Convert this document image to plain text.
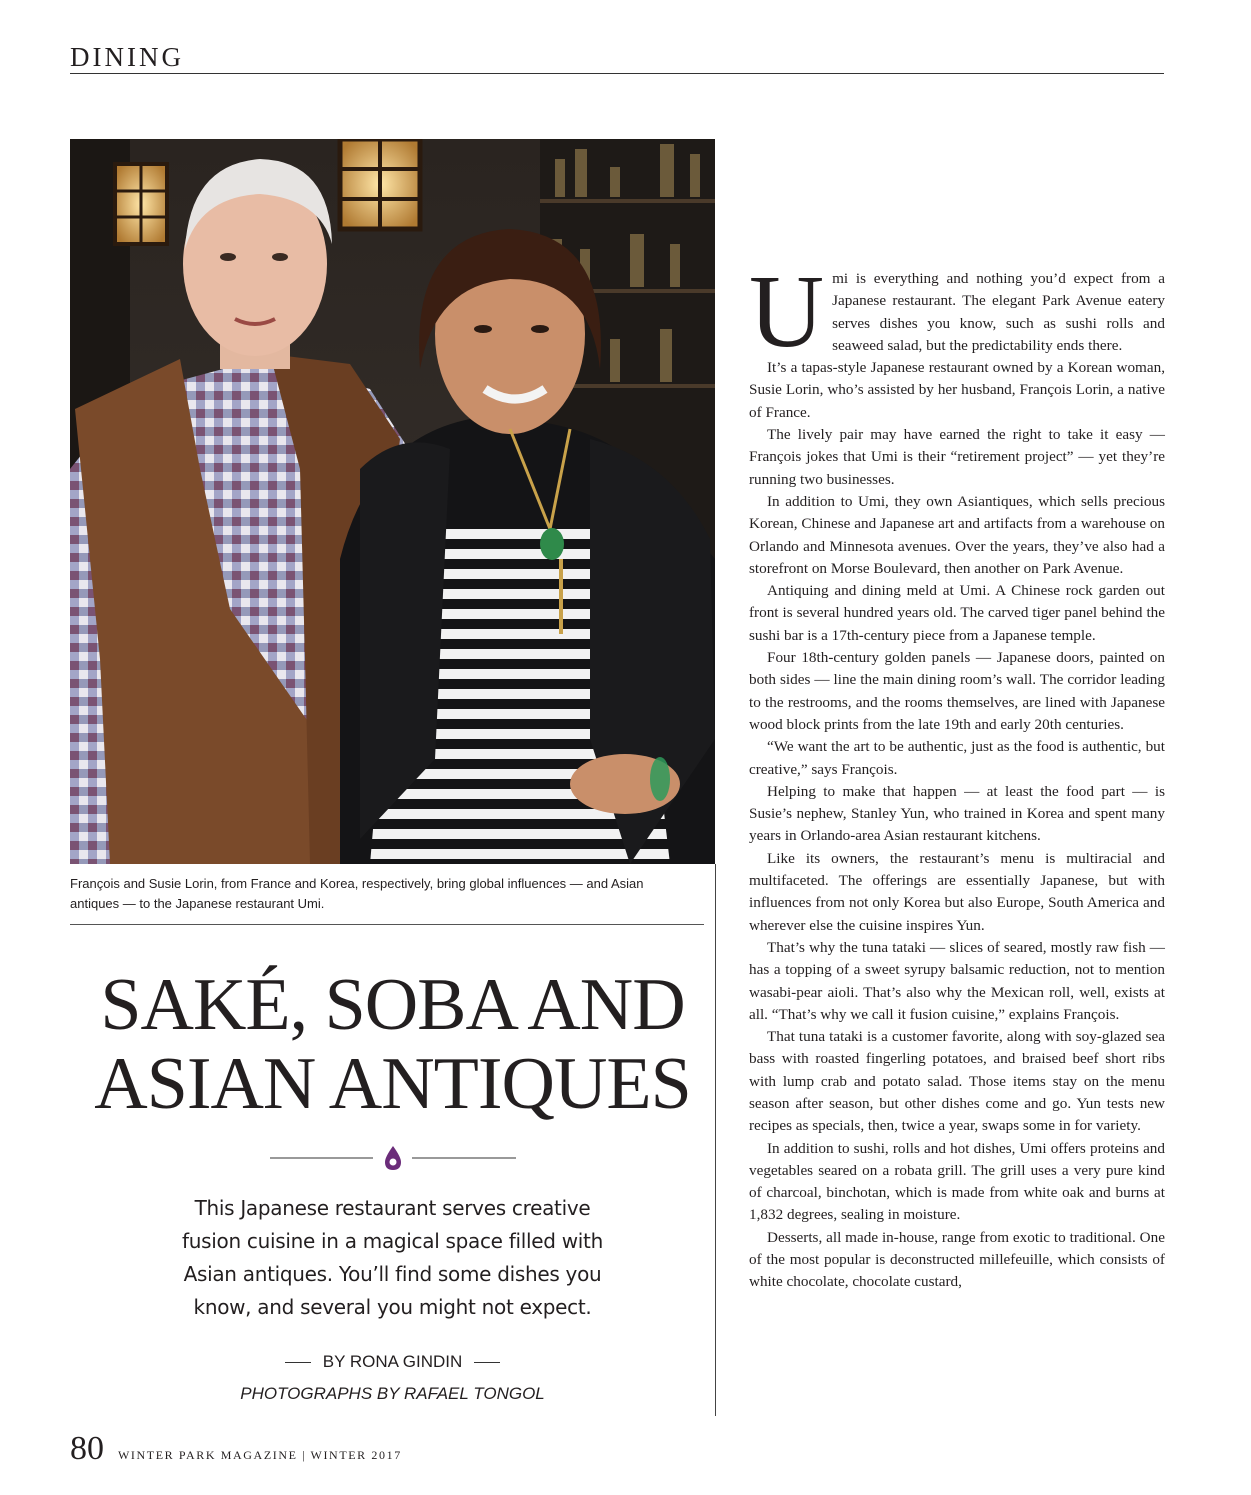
DINING
François and Susie Lorin, from France and Korea, respectively, bring global influences — and Asian antiques — to the Japanese restaurant Umi.
SAKÉ, SOBA AND
ASIAN ANTIQUES
This Japanese restaurant serves creative fusion cuisine in a magical space filled with Asian antiques. You’ll find some dishes you know, and several you might not expect.
BY RONA GINDIN
PHOTOGRAPHS BY RAFAEL TONGOL
80 WINTER PARK MAGAZINE | WINTER 2017

Umi is everything and nothing you’d expect from a Japanese restaurant. The elegant Park Avenue eatery serves dishes you know, such as sushi rolls and seaweed salad, but the predictability ends there.

It’s a tapas-style Japanese restaurant owned by a Korean woman, Susie Lorin, who’s assisted by her husband, François Lorin, a native of France.

The lively pair may have earned the right to take it easy — François jokes that Umi is their “retirement project” — yet they’re running two businesses.

In addition to Umi, they own Asiantiques, which sells precious Korean, Chinese and Japanese art and artifacts from a warehouse on Orlando and Minnesota avenues. Over the years, they’ve also had a storefront on Morse Boulevard, then another on Park Avenue.

Antiquing and dining meld at Umi. A Chinese rock garden out front is several hundred years old. The carved tiger panel behind the sushi bar is a 17th-century piece from a Japanese temple.

Four 18th-century golden panels — Japanese doors, painted on both sides — line the main dining room’s wall. The corridor leading to the restrooms, and the rooms themselves, are lined with Japanese wood block prints from the late 19th and early 20th centuries.

“We want the art to be authentic, just as the food is authentic, but creative,” says François.

Helping to make that happen — at least the food part — is Susie’s nephew, Stanley Yun, who trained in Korea and spent many years in Orlando-area Asian restaurant kitchens.

Like its owners, the restaurant’s menu is multiracial and multifaceted. The offerings are essentially Japanese, but with influences from not only Korea but also Europe, South America and wherever else the cuisine inspires Yun.

That’s why the tuna tataki — slices of seared, mostly raw fish — has a topping of a sweet syrupy balsamic reduction, not to mention wasabi-pear aioli. That’s also why the Mexican roll, well, exists at all. “That’s why we call it fusion cuisine,” explains François.

That tuna tataki is a customer favorite, along with soy-glazed sea bass with roasted fingerling potatoes, and braised beef short ribs with lump crab and potato salad. Those items stay on the menu season after season, but other dishes come and go. Yun tests new recipes as specials, then, twice a year, swaps some in for variety.

In addition to sushi, rolls and hot dishes, Umi offers proteins and vegetables seared on a robata grill. The grill uses a very pure kind of charcoal, binchotan, which is made from white oak and burns at 1,832 degrees, sealing in moisture.

Desserts, all made in-house, range from exotic to traditional. One of the most popular is deconstructed millefeuille, which consists of white chocolate, chocolate custard,
